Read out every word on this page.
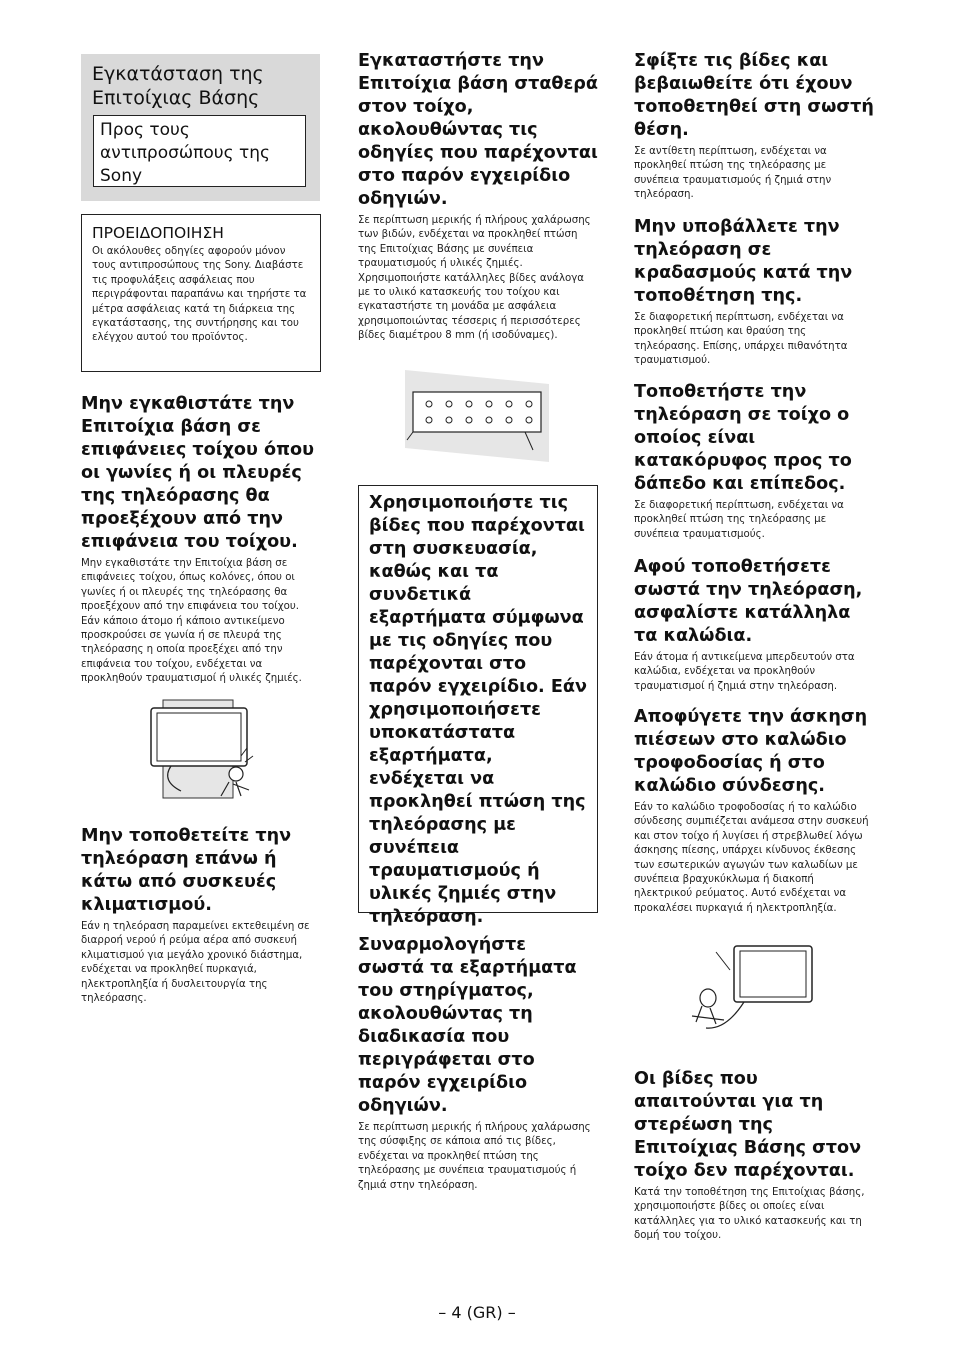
Εγκατάσταση της Επιτοίχιας Βάσης
Προς τους αντιπροσώπους της Sony
ΠΡΟΕΙΔΟΠΟΙΗΣΗ
Οι ακόλουθες οδηγίες αφορούν μόνον τους αντιπροσώπους της Sony. Διαβάστε τις προφυλάξεις ασφάλειας που περιγράφονται παραπάνω και τηρήστε τα μέτρα ασφάλειας κατά τη διάρκεια της εγκατάστασης, της συντήρησης και του ελέγχου αυτού του προϊόντος.
Μην εγκαθιστάτε την Επιτοίχια βάση σε επιφάνειες τοίχου όπου οι γωνίες ή οι πλευρές της τηλεόρασης θα προεξέχουν από την επιφάνεια του τοίχου.
Μην εγκαθιστάτε την Επιτοίχια βάση σε επιφάνειες τοίχου, όπως κολόνες, όπου οι γωνίες ή οι πλευρές της τηλεόρασης θα προεξέχουν από την επιφάνεια του τοίχου. Εάν κάποιο άτομο ή κάποιο αντικείμενο προσκρούσει σε γωνία ή σε πλευρά της τηλεόρασης η οποία προεξέχει από την επιφάνεια του τοίχου, ενδέχεται να προκληθούν τραυματισμοί ή υλικές ζημιές.
Μην τοποθετείτε την τηλεόραση επάνω ή κάτω από συσκευές κλιματισμού.
Εάν η τηλεόραση παραμείνει εκτεθειμένη σε διαρροή νερού ή ρεύμα αέρα από συσκευή κλιματισμού για μεγάλο χρονικό διάστημα, ενδέχεται να προκληθεί πυρκαγιά, ηλεκτροπληξία ή δυσλειτουργία της τηλεόρασης.
Εγκαταστήστε την Επιτοίχια βάση σταθερά στον τοίχο, ακολουθώντας τις οδηγίες που παρέχονται στο παρόν εγχειρίδιο οδηγιών.
Σε περίπτωση μερικής ή πλήρους χαλάρωσης των βιδών, ενδέχεται να προκληθεί πτώση της Επιτοίχιας Βάσης με συνέπεια τραυματισμούς ή υλικές ζημιές. Χρησιμοποιήστε κατάλληλες βίδες ανάλογα με το υλικό κατασκευής του τοίχου και εγκαταστήστε τη μονάδα με ασφάλεια χρησιμοποιώντας τέσσερις ή περισσότερες βίδες διαμέτρου 8 mm (ή ισοδύναμες).
Χρησιμοποιήστε τις βίδες που παρέχονται στη συσκευασία, καθώς και τα συνδετικά εξαρτήματα σύμφωνα με τις οδηγίες που παρέχονται στο παρόν εγχειρίδιο. Εάν χρησιμοποιήσετε υποκατάστατα εξαρτήματα, ενδέχεται να προκληθεί πτώση της τηλεόρασης με συνέπεια τραυματισμούς ή υλικές ζημιές στην τηλεόραση.
Συναρμολογήστε σωστά τα εξαρτήματα του στηρίγματος, ακολουθώντας τη διαδικασία που περιγράφεται στο παρόν εγχειρίδιο οδηγιών.
Σε περίπτωση μερικής ή πλήρους χαλάρωσης της σύσφιξης σε κάποια από τις βίδες, ενδέχεται να προκληθεί πτώση της τηλεόρασης με συνέπεια τραυματισμούς ή ζημιά στην τηλεόραση.
Σφίξτε τις βίδες και βεβαιωθείτε ότι έχουν τοποθετηθεί στη σωστή θέση.
Σε αντίθετη περίπτωση, ενδέχεται να προκληθεί πτώση της τηλεόρασης με συνέπεια τραυματισμούς ή ζημιά στην τηλεόραση.
Μην υποβάλλετε την τηλεόραση σε κραδασμούς κατά την τοποθέτηση της.
Σε διαφορετική περίπτωση, ενδέχεται να προκληθεί πτώση και θραύση της τηλεόρασης. Επίσης, υπάρχει πιθανότητα τραυματισμού.
Τοποθετήστε την τηλεόραση σε τοίχο ο οποίος είναι κατακόρυφος προς το δάπεδο και επίπεδος.
Σε διαφορετική περίπτωση, ενδέχεται να προκληθεί πτώση της τηλεόρασης με συνέπεια τραυματισμούς.
Αφού τοποθετήσετε σωστά την τηλεόραση, ασφαλίστε κατάλληλα τα καλώδια.
Εάν άτομα ή αντικείμενα μπερδευτούν στα καλώδια, ενδέχεται να προκληθούν τραυματισμοί ή ζημιά στην τηλεόραση.
Αποφύγετε την άσκηση πιέσεων στο καλώδιο τροφοδοσίας ή στο καλώδιο σύνδεσης.
Εάν το καλώδιο τροφοδοσίας ή το καλώδιο σύνδεσης συμπιέζεται ανάμεσα στην συσκευή και στον τοίχο ή λυγίσει ή στρεβλωθεί λόγω άσκησης πίεσης, υπάρχει κίνδυνος έκθεσης των εσωτερικών αγωγών των καλωδίων με συνέπεια βραχυκύκλωμα ή διακοπή ηλεκτρικού ρεύματος. Αυτό ενδέχεται να προκαλέσει πυρκαγιά ή ηλεκτροπληξία.
Οι βίδες που απαιτούνται για τη στερέωση της Επιτοίχιας Βάσης στον τοίχο δεν παρέχονται.
Κατά την τοποθέτηση της Επιτοίχιας βάσης, χρησιμοποιήστε βίδες οι οποίες είναι κατάλληλες για το υλικό κατασκευής και τη δομή του τοίχου.
– 4 (GR) –
